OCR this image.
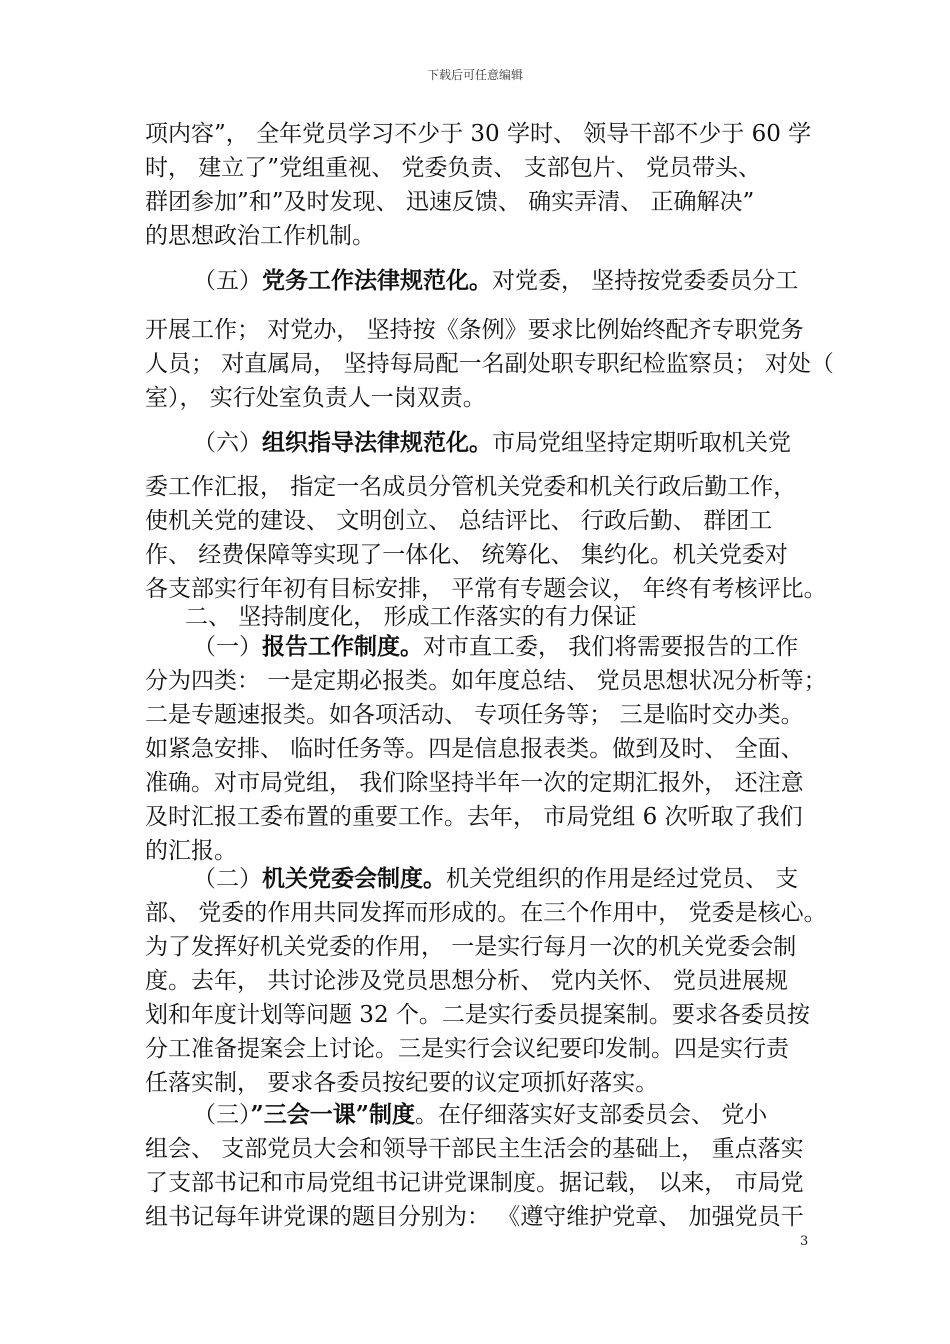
下载后可任意编辑
项内容”， 全年党员学习不少于 30 学时、 领导干部不少于 60 学
时， 建立了”党组重视、 党委负责、 支部包片、 党员带头、
群团参加”和”及时发现、 迅速反馈、 确实弄清、 正确解决”
的思想政治工作机制。
（五）党务工作法律规范化。对党委， 坚持按党委委员分工
开展工作； 对党办， 坚持按《条例》要求比例始终配齐专职党务
人员； 对直属局， 坚持每局配一名副处职专职纪检监察员； 对处（
室）， 实行处室负责人一岗双责。
（六）组织指导法律规范化。市局党组坚持定期听取机关党
委工作汇报， 指定一名成员分管机关党委和机关行政后勤工作，
使机关党的建设、 文明创立、 总结评比、 行政后勤、 群团工
作、 经费保障等实现了一体化、 统筹化、 集约化。机关党委对
各支部实行年初有目标安排， 平常有专题会议， 年终有考核评比。
二、 坚持制度化， 形成工作落实的有力保证
（一）报告工作制度。对市直工委， 我们将需要报告的工作
分为四类： 一是定期必报类。如年度总结、 党员思想状况分析等；
二是专题速报类。如各项活动、 专项任务等； 三是临时交办类。
如紧急安排、 临时任务等。四是信息报表类。做到及时、 全面、
准确。对市局党组， 我们除坚持半年一次的定期汇报外， 还注意
及时汇报工委布置的重要工作。去年， 市局党组 6 次听取了我们
的汇报。
（二）机关党委会制度。机关党组织的作用是经过党员、 支
部、 党委的作用共同发挥而形成的。在三个作用中， 党委是核心。
为了发挥好机关党委的作用， 一是实行每月一次的机关党委会制
度。去年， 共讨论涉及党员思想分析、 党内关怀、 党员进展规
划和年度计划等问题 32 个。二是实行委员提案制。要求各委员按
分工准备提案会上讨论。三是实行会议纪要印发制。四是实行责
任落实制， 要求各委员按纪要的议定项抓好落实。
（三）”三会一课”制度。在仔细落实好支部委员会、 党小
组会、 支部党员大会和领导干部民主生活会的基础上， 重点落实
了支部书记和市局党组书记讲党课制度。据记载， 以来， 市局党
组书记每年讲党课的题目分别为： 《遵守维护党章、 加强党员干
3
